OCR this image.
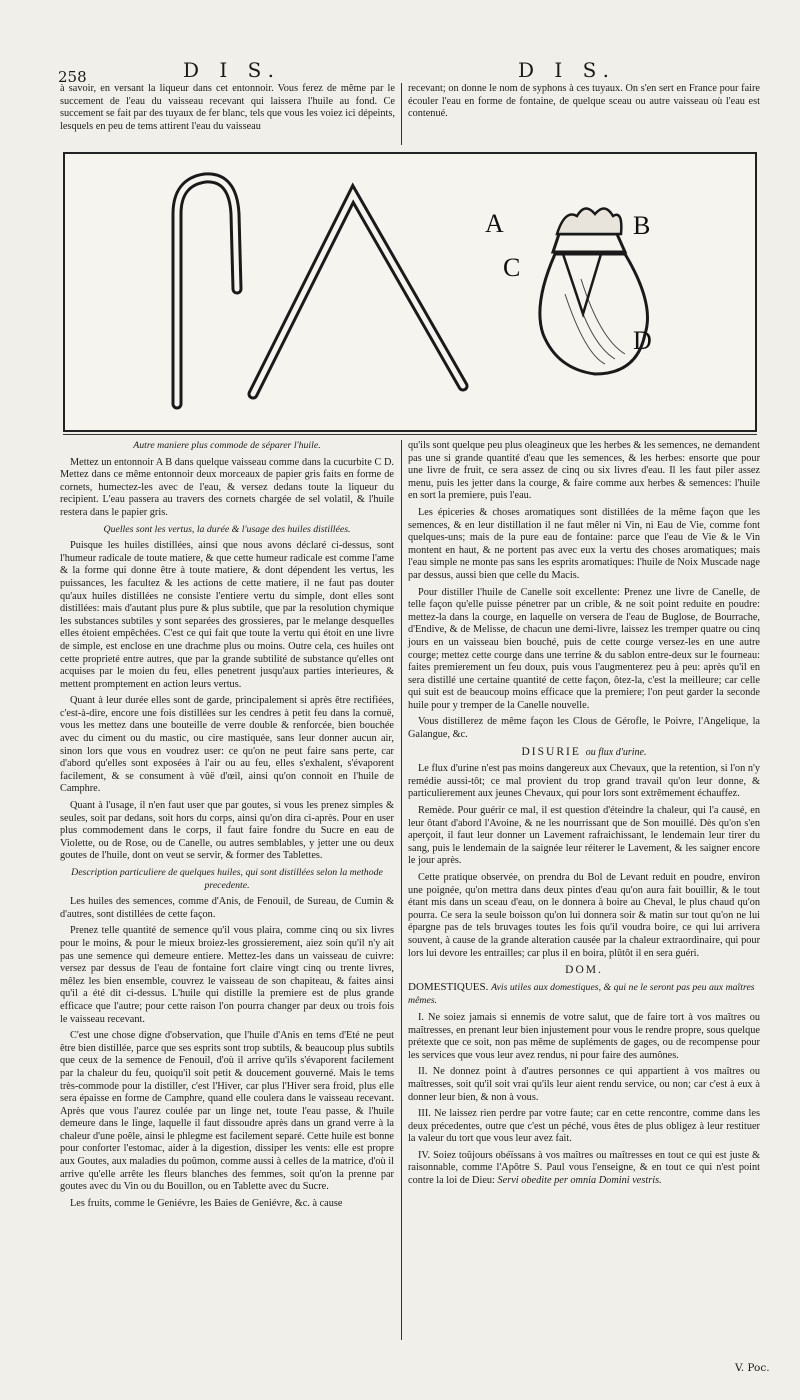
258	D I S.	D I S.

à savoir, en versant la liqueur dans cet entonnoir. Vous ferez de même par le succement de l'eau du vaisseau recevant qui laissera l'huile au fond. Ce succement se fait par des tuyaux de fer blanc, tels que vous les voiez ici dépeints, lesquels en peu de tems attirent l'eau du vaisseau

recevant; on donne le nom de syphons à ces tuyaux. On s'en sert en France pour faire écouler l'eau en forme de fontaine, de quelque sceau ou autre vaisseau où l'eau est contenué.

A	B
C
D

Autre maniere plus commode de séparer l'huile.

Mettez un entonnoir A B dans quelque vaisseau comme dans la cucurbite C D. Mettez dans ce même entonnoir deux morceaux de papier gris faits en forme de cornets, humectez-les avec de l'eau, & versez dedans toute la liqueur du recipient. L'eau passera au travers des cornets chargée de sel volatil, & l'huile restera dans le papier gris.

Quelles sont les vertus, la durée & l'usage des huiles distillées.

Puisque les huiles distillées, ainsi que nous avons déclaré ci-dessus, sont l'humeur radicale de toute matiere, & que cette humeur radicale est comme l'ame & la forme qui donne être à toute matiere, & dont dépendent les vertus, les puissances, les facultez & les actions de cette matiere, il ne faut pas douter qu'aux huiles distillées ne consiste l'entiere vertu du simple, dont elles sont distillées: mais d'autant plus pure & plus subtile, que par la resolution chymique les substances subtiles y sont separées des grossieres, par le melange desquelles elles étoient empêchées. C'est ce qui fait que toute la vertu qui étoit en une livre de simple, est enclose en une drachme plus ou moins. Outre cela, ces huiles ont cette proprieté entre autres, que par la grande subtilité de substance qu'elles ont acquises par le moien du feu, elles penetrent jusqu'aux parties interieures, & mettent promptement en action leurs vertus.

Quant à leur durée elles sont de garde, principalement si après être rectifiées, c'est-à-dire, encore une fois distillées sur les cendres à petit feu dans la cornuë, vous les mettez dans une bouteille de verre double & renforcée, bien bouchée avec du ciment ou du mastic, ou cire mastiquée, sans leur donner aucun air, sinon lors que vous en voudrez user: ce qu'on ne peut faire sans perte, car d'abord qu'elles sont exposées à l'air ou au feu, elles s'exhalent, s'évaporent facilement, & se consument à vûë d'œil, ainsi qu'on connoit en l'huile de Camphre.

Quant à l'usage, il n'en faut user que par goutes, si vous les prenez simples & seules, soit par dedans, soit hors du corps, ainsi qu'on dira ci-après. Pour en user plus commodement dans le corps, il faut faire fondre du Sucre en eau de Violette, ou de Rose, ou de Canelle, ou autres semblables, y jetter une ou deux goutes de l'huile, dont on veut se servir, & former des Tablettes.

Description particuliere de quelques huiles, qui sont distillées selon la methode precedente.

Les huiles des semences, comme d'Anis, de Fenouil, de Sureau, de Cumin & d'autres, sont distillées de cette façon.

Prenez telle quantité de semence qu'il vous plaira, comme cinq ou six livres pour le moins, & pour le mieux broiez-les grossierement, aiez soin qu'il n'y ait pas une semence qui demeure entiere. Mettez-les dans un vaisseau de cuivre: versez par dessus de l'eau de fontaine fort claire vingt cinq ou trente livres, mêlez les bien ensemble, couvrez le vaisseau de son chapiteau, & faites ainsi qu'il a été dit ci-dessus. L'huile qui distille la premiere est de plus grande efficace que l'autre; pour cette raison l'on pourra changer par deux ou trois fois le vaisseau recevant.

C'est une chose digne d'observation, que l'huile d'Anis en tems d'Eté ne peut être bien distillée, parce que ses esprits sont trop subtils, & beaucoup plus subtils que ceux de la semence de Fenouil, d'où il arrive qu'ils s'évaporent facilement par la chaleur du feu, quoiqu'il soit petit & doucement gouverné. Mais le tems très-commode pour la distiller, c'est l'Hiver, car plus l'Hiver sera froid, plus elle sera épaisse en forme de Camphre, quand elle coulera dans le vaisseau recevant. Après que vous l'aurez coulée par un linge net, toute l'eau passe, & l'huile demeure dans le linge, laquelle il faut dissoudre après dans un grand verre à la chaleur d'une poêle, ainsi le phlegme est facilement separé. Cette huile est bonne pour conforter l'estomac, aider à la digestion, dissiper les vents: elle est propre aux Goutes, aux maladies du poûmon, comme aussi à celles de la matrice, d'où il arrive qu'elle arrête les fleurs blanches des femmes, soit qu'on la prenne par goutes avec du Vin ou du Bouillon, ou en Tablette avec du Sucre.

Les fruits, comme le Geniévre, les Baies de Geniévre, &c. à cause

qu'ils sont quelque peu plus oleagineux que les herbes & les semences, ne demandent pas une si grande quantité d'eau que les semences, & les herbes: ensorte que pour une livre de fruit, ce sera assez de cinq ou six livres d'eau. Il les faut piler assez menu, puis les jetter dans la courge, & faire comme aux herbes & semences: l'huile en sort la premiere, puis l'eau.

Les épiceries & choses aromatiques sont distillées de la même façon que les semences, & en leur distillation il ne faut mêler ni Vin, ni Eau de Vie, comme font quelques-uns; mais de la pure eau de fontaine: parce que l'eau de Vie & le Vin montent en haut, & ne portent pas avec eux la vertu des choses aromatiques; mais l'eau simple ne monte pas sans les esprits aromatiques: l'huile de Noix Muscade nage par dessus, aussi bien que celle du Macis.

Pour distiller l'huile de Canelle soit excellente: Prenez une livre de Canelle, de telle façon qu'elle puisse pénetrer par un crible, & ne soit point reduite en poudre: mettez-la dans la courge, en laquelle on versera de l'eau de Buglose, de Bourrache, d'Endive, & de Melisse, de chacun une demi-livre, laissez les tremper quatre ou cinq jours en un vaisseau bien bouché, puis de cette courge versez-les en une autre courge; mettez cette courge dans une terrine & du sablon entre-deux sur le fourneau: faites premierement un feu doux, puis vous l'augmenterez peu à peu: après qu'il en sera distillé une certaine quantité de cette façon, ôtez-la, c'est la meilleure; car celle qui suit est de beaucoup moins efficace que la premiere; l'on peut garder la seconde huile pour y tremper de la Canelle nouvelle.

Vous distillerez de même façon les Clous de Gérofle, le Poivre, l'Angelique, la Galangue, &c.

DISURIE ou flux d'urine.

Le flux d'urine n'est pas moins dangereux aux Chevaux, que la retention, si l'on n'y remédie aussi-tôt; ce mal provient du trop grand travail qu'on leur donne, & particulierement aux jeunes Chevaux, qui pour lors sont extrêmement échauffez.

Remède. Pour guérir ce mal, il est question d'éteindre la chaleur, qui l'a causé, en leur ôtant d'abord l'Avoine, & ne les nourrissant que de Son mouillé. Dès qu'on s'en aperçoit, il faut leur donner un Lavement rafraichissant, le lendemain leur tirer du sang, puis le lendemain de la saignée leur réiterer le Lavement, & les saigner encore le jour après.

Cette pratique observée, on prendra du Bol de Levant reduit en poudre, environ une poignée, qu'on mettra dans deux pintes d'eau qu'on aura fait bouillir, & le tout étant mis dans un sceau d'eau, on le donnera à boire au Cheval, le plus chaud qu'on pourra. Ce sera la seule boisson qu'on lui donnera soir & matin sur tout qu'on ne lui épargne pas de tels bruvages toutes les fois qu'il voudra boire, ce qui lui arrivera souvent, à cause de la grande alteration causée par la chaleur extraordinaire, qui pour lors lui devore les entrailles; car plus il en boira, plûtôt il en sera guéri.

DOM.

DOMESTIQUES. Avis utiles aux domestiques, & qui ne le seront pas peu aux maîtres mêmes.

I. Ne soiez jamais si ennemis de votre salut, que de faire tort à vos maîtres ou maîtresses, en prenant leur bien injustement pour vous le rendre propre, sous quelque prétexte que ce soit, non pas même de supléments de gages, ou de recompense pour les services que vous leur avez rendus, ni pour faire des aumônes.

II. Ne donnez point à d'autres personnes ce qui appartient à vos maîtres ou maîtresses, soit qu'il soit vrai qu'ils leur aient rendu service, ou non; car c'est à eux à donner leur bien, & non à vous.

III. Ne laissez rien perdre par votre faute; car en cette rencontre, comme dans les deux précedentes, outre que c'est un péché, vous êtes de plus obligez à leur restituer la valeur du tort que vous leur avez fait.

IV. Soiez toûjours obéïssans à vos maîtres ou maîtresses en tout ce qui est juste & raisonnable, comme l'Apôtre S. Paul vous l'enseigne, & en tout ce qui n'est point contre la loi de Dieu: Servi obedite per omnia Domini vestris.

V. Poc.
